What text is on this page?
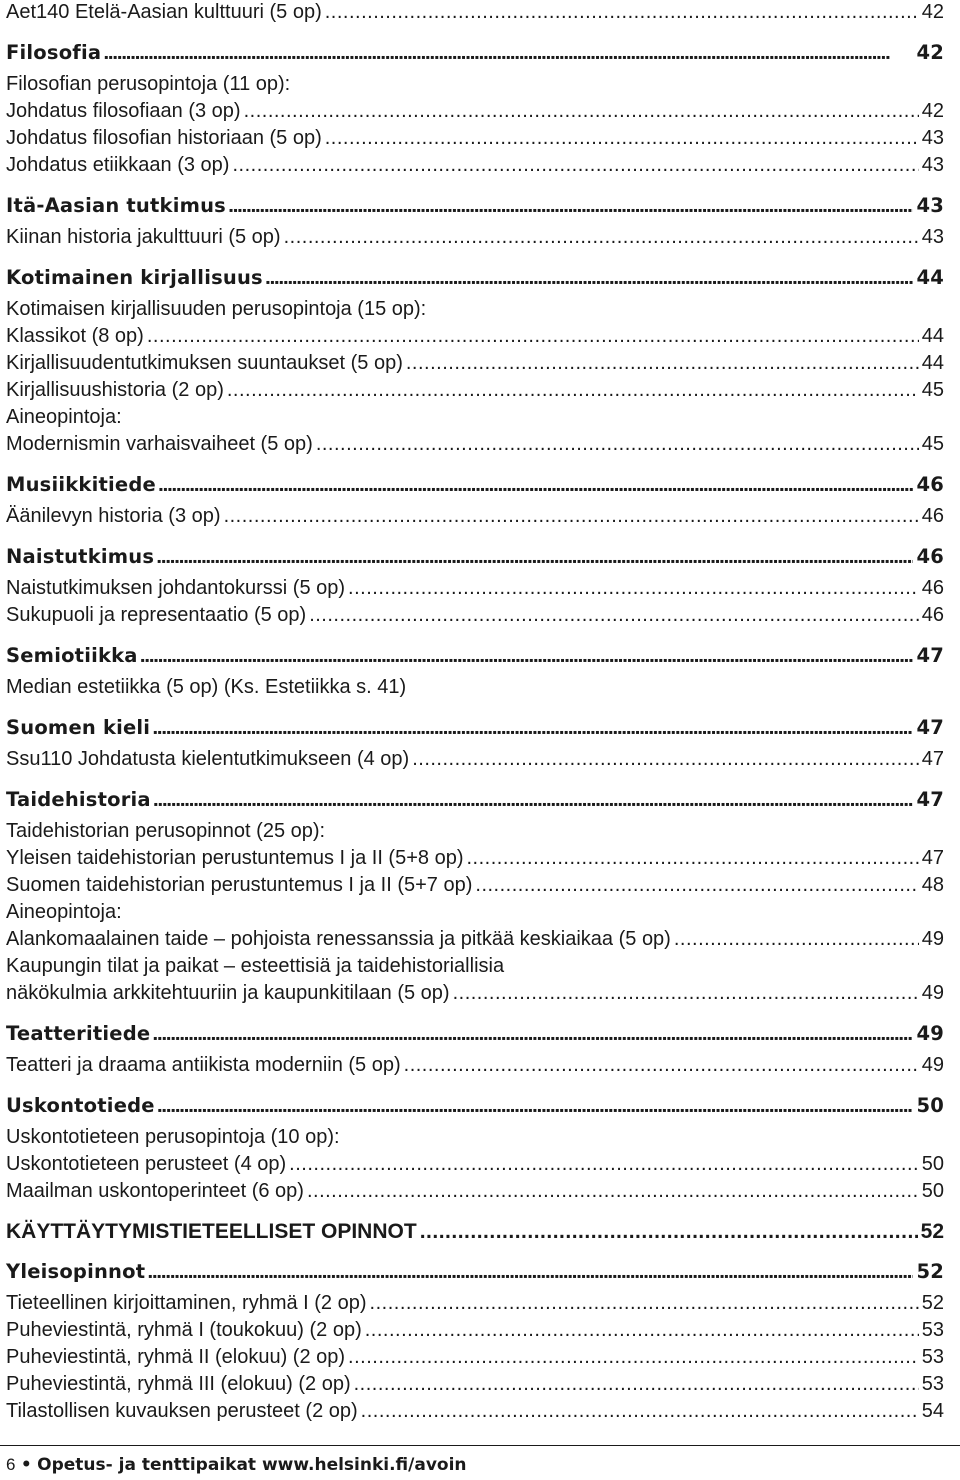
Aet140 Etelä-Aasian kulttuuri (5 op) .....	42
Filosofia ▪▪▪▪▪▪▪▪▪▪▪▪▪▪▪▪▪▪▪▪▪▪▪▪▪▪▪▪▪▪▪▪▪▪▪▪▪▪▪▪▪▪▪▪▪▪▪▪▪▪▪▪▪▪▪▪▪▪▪▪▪▪▪▪▪▪▪▪▪▪▪▪▪▪▪▪▪▪▪▪▪▪▪▪▪▪▪▪▪▪▪▪▪▪▪▪▪▪▪▪▪▪▪▪▪▪▪▪▪▪▪▪▪▪▪▪▪▪▪▪▪▪▪▪▪▪▪▪▪▪▪▪▪▪▪▪▪▪▪▪▪▪▪▪▪▪▪▪▪▪▪▪▪▪▪▪▪▪▪▪▪▪▪▪▪▪▪▪▪▪▪▪▪▪▪▪	42
Filosofian perusopintoja (11 op):
Johdatus filosofiaan (3 op) .....	42
Johdatus filosofian historiaan (5 op) .....	43
Johdatus etiikkaan (3 op) .....	43
Itä-Aasian tutkimus ▪▪▪▪▪▪▪▪▪▪▪▪▪▪▪▪▪▪▪▪▪▪▪▪▪▪▪▪▪▪▪▪▪▪▪▪▪▪▪▪▪▪▪▪▪▪▪▪▪▪▪▪▪▪▪▪▪▪▪▪▪▪▪▪▪▪▪▪▪▪▪▪▪▪▪▪▪▪▪▪▪▪▪▪▪▪▪▪▪▪▪▪▪▪▪▪▪▪▪▪▪▪▪▪▪▪▪▪▪▪▪▪▪▪▪▪▪▪▪▪▪▪▪▪▪▪▪▪▪▪▪▪▪▪▪▪▪▪▪▪▪▪▪▪▪▪▪▪▪▪▪▪▪▪▪▪▪▪▪▪▪▪▪▪▪▪▪▪▪▪▪▪▪▪▪▪	43
Kiinan historia jakulttuuri (5 op) .....	43
Kotimainen kirjallisuus ▪▪▪▪▪▪▪▪▪▪▪▪▪▪▪▪▪▪▪▪▪▪▪▪▪▪▪▪▪▪▪▪▪▪▪▪▪▪▪▪▪▪▪▪▪▪▪▪▪▪▪▪▪▪▪▪▪▪▪▪▪▪▪▪▪▪▪▪▪▪▪▪▪▪▪▪▪▪▪▪▪▪▪▪▪▪▪▪▪▪▪▪▪▪▪▪▪▪▪▪▪▪▪▪▪▪▪▪▪▪▪▪▪▪▪▪▪▪▪▪▪▪▪▪▪▪▪▪▪▪▪▪▪▪▪▪▪▪▪▪▪▪▪▪▪▪▪▪▪▪▪▪▪▪▪▪▪▪▪▪▪▪▪▪▪▪▪▪▪▪▪▪▪▪▪▪	44
Kotimaisen kirjallisuuden perusopintoja (15 op):
Klassikot (8 op) .....	44
Kirjallisuudentutkimuksen suuntaukset (5 op) .....	44
Kirjallisuushistoria (2 op) .....	45
Aineopintoja:
Modernismin varhaisvaiheet (5 op) .....	45
Musiikkitiede ▪▪▪▪▪▪▪▪▪▪▪▪▪▪▪▪▪▪▪▪▪▪▪▪▪▪▪▪▪▪▪▪▪▪▪▪▪▪▪▪▪▪▪▪▪▪▪▪▪▪▪▪▪▪▪▪▪▪▪▪▪▪▪▪▪▪▪▪▪▪▪▪▪▪▪▪▪▪▪▪▪▪▪▪▪▪▪▪▪▪▪▪▪▪▪▪▪▪▪▪▪▪▪▪▪▪▪▪▪▪▪▪▪▪▪▪▪▪▪▪▪▪▪▪▪▪▪▪▪▪▪▪▪▪▪▪▪▪▪▪▪▪▪▪▪▪▪▪▪▪▪▪▪▪▪▪▪▪▪▪▪▪▪▪▪▪▪▪▪▪▪▪▪▪▪▪	46
Äänilevyn historia (3 op) .....	46
Naistutkimus ▪▪▪▪▪▪▪▪▪▪▪▪▪▪▪▪▪▪▪▪▪▪▪▪▪▪▪▪▪▪▪▪▪▪▪▪▪▪▪▪▪▪▪▪▪▪▪▪▪▪▪▪▪▪▪▪▪▪▪▪▪▪▪▪▪▪▪▪▪▪▪▪▪▪▪▪▪▪▪▪▪▪▪▪▪▪▪▪▪▪▪▪▪▪▪▪▪▪▪▪▪▪▪▪▪▪▪▪▪▪▪▪▪▪▪▪▪▪▪▪▪▪▪▪▪▪▪▪▪▪▪▪▪▪▪▪▪▪▪▪▪▪▪▪▪▪▪▪▪▪▪▪▪▪▪▪▪▪▪▪▪▪▪▪▪▪▪▪▪▪▪▪▪▪▪▪	46
Naistutkimuksen johdantokurssi (5 op) .....	46
Sukupuoli ja representaatio (5 op) .....	46
Semiotiikka ▪▪▪▪▪▪▪▪▪▪▪▪▪▪▪▪▪▪▪▪▪▪▪▪▪▪▪▪▪▪▪▪▪▪▪▪▪▪▪▪▪▪▪▪▪▪▪▪▪▪▪▪▪▪▪▪▪▪▪▪▪▪▪▪▪▪▪▪▪▪▪▪▪▪▪▪▪▪▪▪▪▪▪▪▪▪▪▪▪▪▪▪▪▪▪▪▪▪▪▪▪▪▪▪▪▪▪▪▪▪▪▪▪▪▪▪▪▪▪▪▪▪▪▪▪▪▪▪▪▪▪▪▪▪▪▪▪▪▪▪▪▪▪▪▪▪▪▪▪▪▪▪▪▪▪▪▪▪▪▪▪▪▪▪▪▪▪▪▪▪▪▪▪▪▪▪	47
Median estetiikka (5 op) (Ks. Estetiikka s. 41)
Suomen kieli ▪▪▪▪▪▪▪▪▪▪▪▪▪▪▪▪▪▪▪▪▪▪▪▪▪▪▪▪▪▪▪▪▪▪▪▪▪▪▪▪▪▪▪▪▪▪▪▪▪▪▪▪▪▪▪▪▪▪▪▪▪▪▪▪▪▪▪▪▪▪▪▪▪▪▪▪▪▪▪▪▪▪▪▪▪▪▪▪▪▪▪▪▪▪▪▪▪▪▪▪▪▪▪▪▪▪▪▪▪▪▪▪▪▪▪▪▪▪▪▪▪▪▪▪▪▪▪▪▪▪▪▪▪▪▪▪▪▪▪▪▪▪▪▪▪▪▪▪▪▪▪▪▪▪▪▪▪▪▪▪▪▪▪▪▪▪▪▪▪▪▪▪▪▪▪▪	47
Ssu110 Johdatusta kielentutkimukseen (4 op) .....	47
Taidehistoria ▪▪▪▪▪▪▪▪▪▪▪▪▪▪▪▪▪▪▪▪▪▪▪▪▪▪▪▪▪▪▪▪▪▪▪▪▪▪▪▪▪▪▪▪▪▪▪▪▪▪▪▪▪▪▪▪▪▪▪▪▪▪▪▪▪▪▪▪▪▪▪▪▪▪▪▪▪▪▪▪▪▪▪▪▪▪▪▪▪▪▪▪▪▪▪▪▪▪▪▪▪▪▪▪▪▪▪▪▪▪▪▪▪▪▪▪▪▪▪▪▪▪▪▪▪▪▪▪▪▪▪▪▪▪▪▪▪▪▪▪▪▪▪▪▪▪▪▪▪▪▪▪▪▪▪▪▪▪▪▪▪▪▪▪▪▪▪▪▪▪▪▪▪▪▪▪	47
Taidehistorian perusopinnot (25 op):
Yleisen taidehistorian perustuntemus I ja II (5+8 op) .....	47
Suomen taidehistorian perustuntemus I ja II (5+7 op) .....	48
Aineopintoja:
Alankomaalainen taide – pohjoista renessanssia ja pitkää keskiaikaa (5 op) .....	49
Kaupungin tilat ja paikat – esteettisiä ja taidehistoriallisia
näkökulmia arkkitehtuuriin ja kaupunkitilaan (5 op) .....	49
Teatteritiede ▪▪▪▪▪▪▪▪▪▪▪▪▪▪▪▪▪▪▪▪▪▪▪▪▪▪▪▪▪▪▪▪▪▪▪▪▪▪▪▪▪▪▪▪▪▪▪▪▪▪▪▪▪▪▪▪▪▪▪▪▪▪▪▪▪▪▪▪▪▪▪▪▪▪▪▪▪▪▪▪▪▪▪▪▪▪▪▪▪▪▪▪▪▪▪▪▪▪▪▪▪▪▪▪▪▪▪▪▪▪▪▪▪▪▪▪▪▪▪▪▪▪▪▪▪▪▪▪▪▪▪▪▪▪▪▪▪▪▪▪▪▪▪▪▪▪▪▪▪▪▪▪▪▪▪▪▪▪▪▪▪▪▪▪▪▪▪▪▪▪▪▪▪▪▪▪	49
Teatteri ja draama antiikista moderniin (5 op) .....	49
Uskontotiede ▪▪▪▪▪▪▪▪▪▪▪▪▪▪▪▪▪▪▪▪▪▪▪▪▪▪▪▪▪▪▪▪▪▪▪▪▪▪▪▪▪▪▪▪▪▪▪▪▪▪▪▪▪▪▪▪▪▪▪▪▪▪▪▪▪▪▪▪▪▪▪▪▪▪▪▪▪▪▪▪▪▪▪▪▪▪▪▪▪▪▪▪▪▪▪▪▪▪▪▪▪▪▪▪▪▪▪▪▪▪▪▪▪▪▪▪▪▪▪▪▪▪▪▪▪▪▪▪▪▪▪▪▪▪▪▪▪▪▪▪▪▪▪▪▪▪▪▪▪▪▪▪▪▪▪▪▪▪▪▪▪▪▪▪▪▪▪▪▪▪▪▪▪▪▪▪	50
Uskontotieteen perusopintoja (10 op):
Uskontotieteen perusteet (4 op) .....	50
Maailman uskontoperinteet (6 op) .....	50
KÄYTTÄYTYMISTIETEELLISET OPINNOT .....	52
Yleisopinnot ▪▪▪▪▪▪▪▪▪▪▪▪▪▪▪▪▪▪▪▪▪▪▪▪▪▪▪▪▪▪▪▪▪▪▪▪▪▪▪▪▪▪▪▪▪▪▪▪▪▪▪▪▪▪▪▪▪▪▪▪▪▪▪▪▪▪▪▪▪▪▪▪▪▪▪▪▪▪▪▪▪▪▪▪▪▪▪▪▪▪▪▪▪▪▪▪▪▪▪▪▪▪▪▪▪▪▪▪▪▪▪▪▪▪▪▪▪▪▪▪▪▪▪▪▪▪▪▪▪▪▪▪▪▪▪▪▪▪▪▪▪▪▪▪▪▪▪▪▪▪▪▪▪▪▪▪▪▪▪▪▪▪▪▪▪▪▪▪▪▪▪▪▪▪▪▪	52
Tieteellinen kirjoittaminen, ryhmä I (2 op) .....	52
Puheviestintä, ryhmä I (toukokuu) (2 op) .....	53
Puheviestintä, ryhmä II (elokuu) (2 op) .....	53
Puheviestintä, ryhmä III (elokuu) (2 op) .....	53
Tilastollisen kuvauksen perusteet (2 op) .....	54
6 • Opetus- ja tenttipaikat www.helsinki.fi/avoin
